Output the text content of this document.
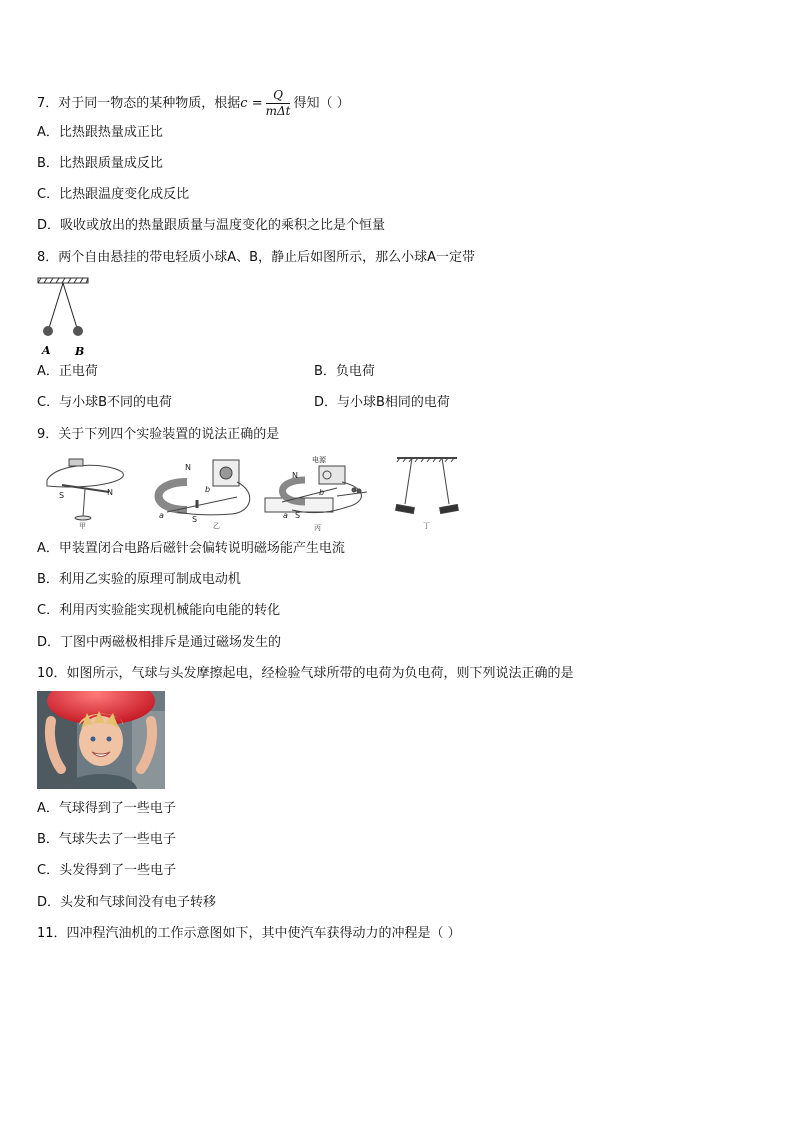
7．对于同一物态的某种物质，根据$c = \frac{Q}{\text{mΔt}}$ 得知（ ）
A．比热跟热量成正比
B．比热跟质量成反比
C．比热跟温度变化成反比
D．吸收或放出的热量跟质量与温度变化的乘积之比是个恒量
8．两个自由悬挂的带电轻质小球A、B，静止后如图所示，那么小球A一定带
A B
A．正电荷	B．负电荷
C．与小球B不同的电荷	D．与小球B相同的电荷
9．关于下列四个实验装置的说法正确的是
S	N
甲
N
S
a
b
乙
电源
N
S
a
b
丙	丁
A．甲装置闭合电路后磁针会偏转说明磁场能产生电流
B．利用乙实验的原理可制成电动机
C．利用丙实验能实现机械能向电能的转化
D．丁图中两磁极相排斥是通过磁场发生的
10．如图所示，气球与头发摩擦起电，经检验气球所带的电荷为负电荷，则下列说法正确的是
A．气球得到了一些电子
B．气球失去了一些电子
C．头发得到了一些电子
D．头发和气球间没有电子转移
11．四冲程汽油机的工作示意图如下，其中使汽车获得动力的冲程是（ ）
